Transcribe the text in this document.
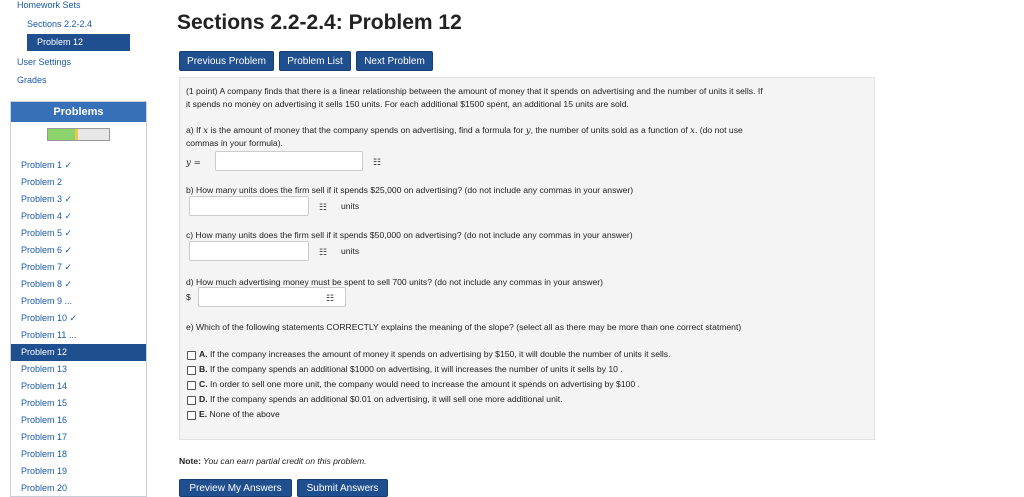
Homework Sets
Sections 2.2-2.4
Problem 12
User Settings
Grades
Problems
Problem 1 ✓
Problem 2
Problem 3 ✓
Problem 4 ✓
Problem 5 ✓
Problem 6 ✓
Problem 7 ✓
Problem 8 ✓
Problem 9 ...
Problem 10 ✓
Problem 11 ...
Problem 12
Problem 13
Problem 14
Problem 15
Problem 16
Problem 17
Problem 18
Problem 19
Problem 20
Sections 2.2-2.4: Problem 12
Previous Problem	Problem List	Next Problem
(1 point) A company finds that there is a linear relationship between the amount of money that it spends on advertising and the number of units it sells. If
it spends no money on advertising it sells 150 units. For each additional $1500 spent, an additional 15 units are sold.
a) If x is the amount of money that the company spends on advertising, find a formula for y, the number of units sold as a function of x. (do not use
commas in your formula).
y =	☷
b) How many units does the firm sell if it spends $25,000 on advertising? (do not include any commas in your answer)
☷ units
c) How many units does the firm sell if it spends $50,000 on advertising? (do not include any commas in your answer)
☷ units
d) How much advertising money must be spent to sell 700 units? (do not include any commas in your answer)
$	☷
e) Which of the following statements CORRECTLY explains the meaning of the slope? (select all as there may be more than one correct statment)
A. If the company increases the amount of money it spends on advertising by $150, it will double the number of units it sells.
B. If the company spends an additional $1000 on advertising, it will increases the number of units it sells by 10 .
C. In order to sell one more unit, the company would need to increase the amount it spends on advertising by $100 .
D. If the company spends an additional $0.01 on advertising, it will sell one more additional unit.
E. None of the above
Note: You can earn partial credit on this problem.
Preview My Answers	Submit Answers
